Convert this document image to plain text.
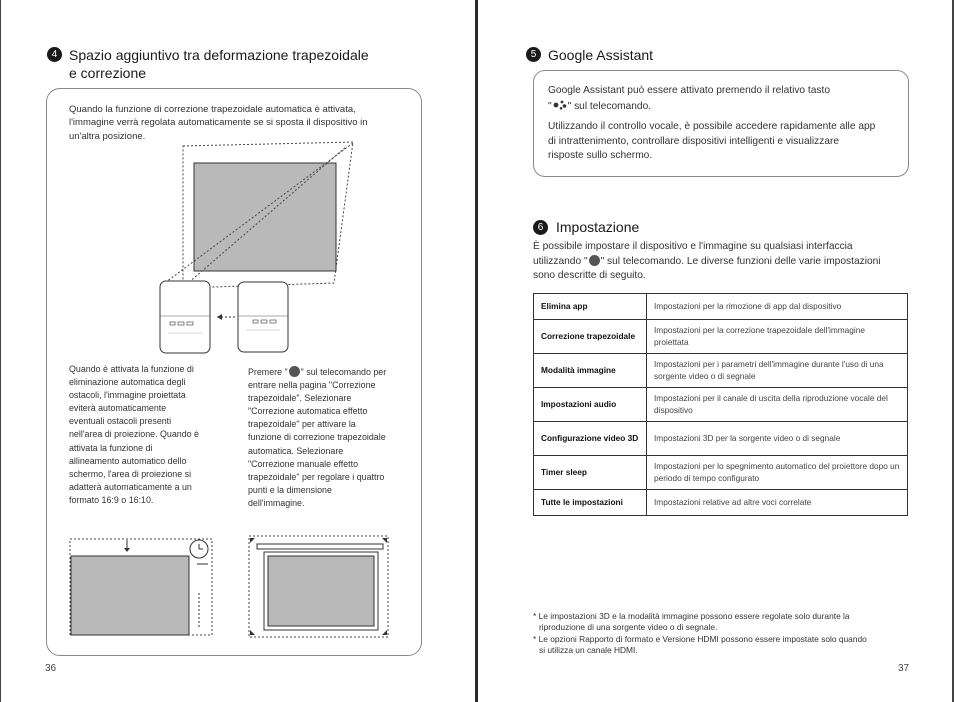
4 Spazio aggiuntivo tra deformazione trapezoidale
e correzione
Quando la funzione di correzione trapezoidale automatica è attivata,
l'immagine verrà regolata automaticamente se si sposta il dispositivo in
un'altra posizione.
Quando è attivata la funzione di
eliminazione automatica degli
ostacoli, l'immagine proiettata
eviterà automaticamente
eventuali ostacoli presenti
nell'area di proiezione. Quando è
attivata la funzione di
allineamento automatico dello
schermo, l'area di proiezione si
adatterà automaticamente a un
formato 16:9 o 16:10.
Premere " " sul telecomando per
entrare nella pagina "Correzione
trapezoidale". Selezionare
"Correzione automatica effetto
trapezoidale" per attivare la
funzione di correzione trapezoidale
automatica. Selezionare
"Correzione manuale effetto
trapezoidale" per regolare i quattro
punti e la dimensione
dell'immagine.
36
5 Google Assistant
Google Assistant può essere attivato premendo il relativo tasto
" " sul telecomando.
Utilizzando il controllo vocale, è possibile accedere rapidamente alle app
di intrattenimento, controllare dispositivi intelligenti e visualizzare
risposte sullo schermo.
6 Impostazione
È possibile impostare il dispositivo e l'immagine su qualsiasi interfaccia
utilizzando " " sul telecomando. Le diverse funzioni delle varie impostazioni
sono descritte di seguito.
Elimina app	Impostazioni per la rimozione di app dal dispositivo
Correzione trapezoidale	Impostazioni per la correzione trapezoidale dell'immagine proiettata
Modalità immagine	Impostazioni per i parametri dell'immagine durante l'uso di una sorgente video o di segnale
Impostazioni audio	Impostazioni per il canale di uscita della riproduzione vocale del dispositivo
Configurazione video 3D	Impostazioni 3D per la sorgente video o di segnale
Timer sleep	Impostazioni per lo spegnimento automatico del proiettore dopo un periodo di tempo configurato
Tutte le impostazioni	Impostazioni relative ad altre voci correlate
* Le impostazioni 3D e la modalità immagine possono essere regolate solo durante la
riproduzione di una sorgente video o di segnale.
* Le opzioni Rapporto di formato e Versione HDMI possono essere impostate solo quando
si utilizza un canale HDMI.
37
